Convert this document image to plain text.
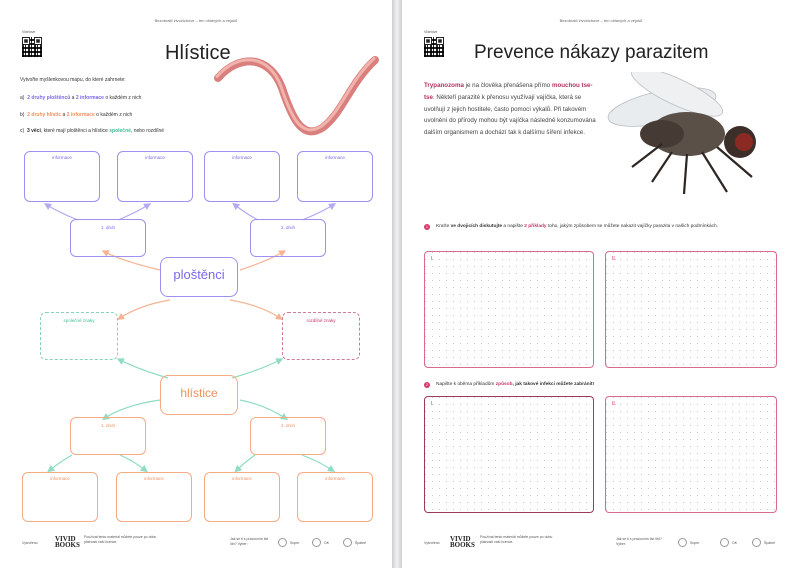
Bezobratlí živočichové – ten ohlavých a vejoků
Videlove
Hlístice
Vytvořte myšlenkovou mapu, do které zahrnete:
a) 2 druhy ploštěnců a 2 informace o každém z nich
b) 2 druhy hlístic a 2 informace o každém z nich
c) 3 věci, které mají ploštěnci a hlístice společné, nebo rozdílné
informace	informace	informace	informace
1. druh	2. druh
ploštěnci
společné znaky	rozdílné znaky
hlístice
1. druh	2. druh
informace	informace	informace	informace
Vytvořeno VIVID
BOOKS
Používat tento materiál můžete pouze po dobu platnosti vaší licence.
Jak se ti s pracovním list líbí? Vyber:	Super	OK	Špatné
Bezobratlí živočichové – ten ohlavých a vejoků
Videlove
Prevence nákazy parazitem
Trypanozoma je na člověka přenášena přímo mouchou tse-tse. Někteří parazité k přenosu využívají vajíčka, která se uvolňují z jejich hostitele, často pomocí výkalů. Při takovém uvolnění do přírody mohou být vajíčka následně konzumována dalším organismem a dochází tak k dalšímu šíření infekce.
1	Kraťte ve dvojicích diskutujte a napište 2 příklady toho, jakým způsobem se můžete nakazit vajíčky parazita v našich podmínkách.
I.	II.
2	Napište k oběma příkladům způsob, jak takové infekci můžete zabránit!
I.	II.
Vytvořeno VIVID
BOOKS
Používat tento materiál můžete pouze po dobu platnosti vaší licence.
Jak se ti s pracovním list líbí? Vyber:	Super	OK	Špatné
